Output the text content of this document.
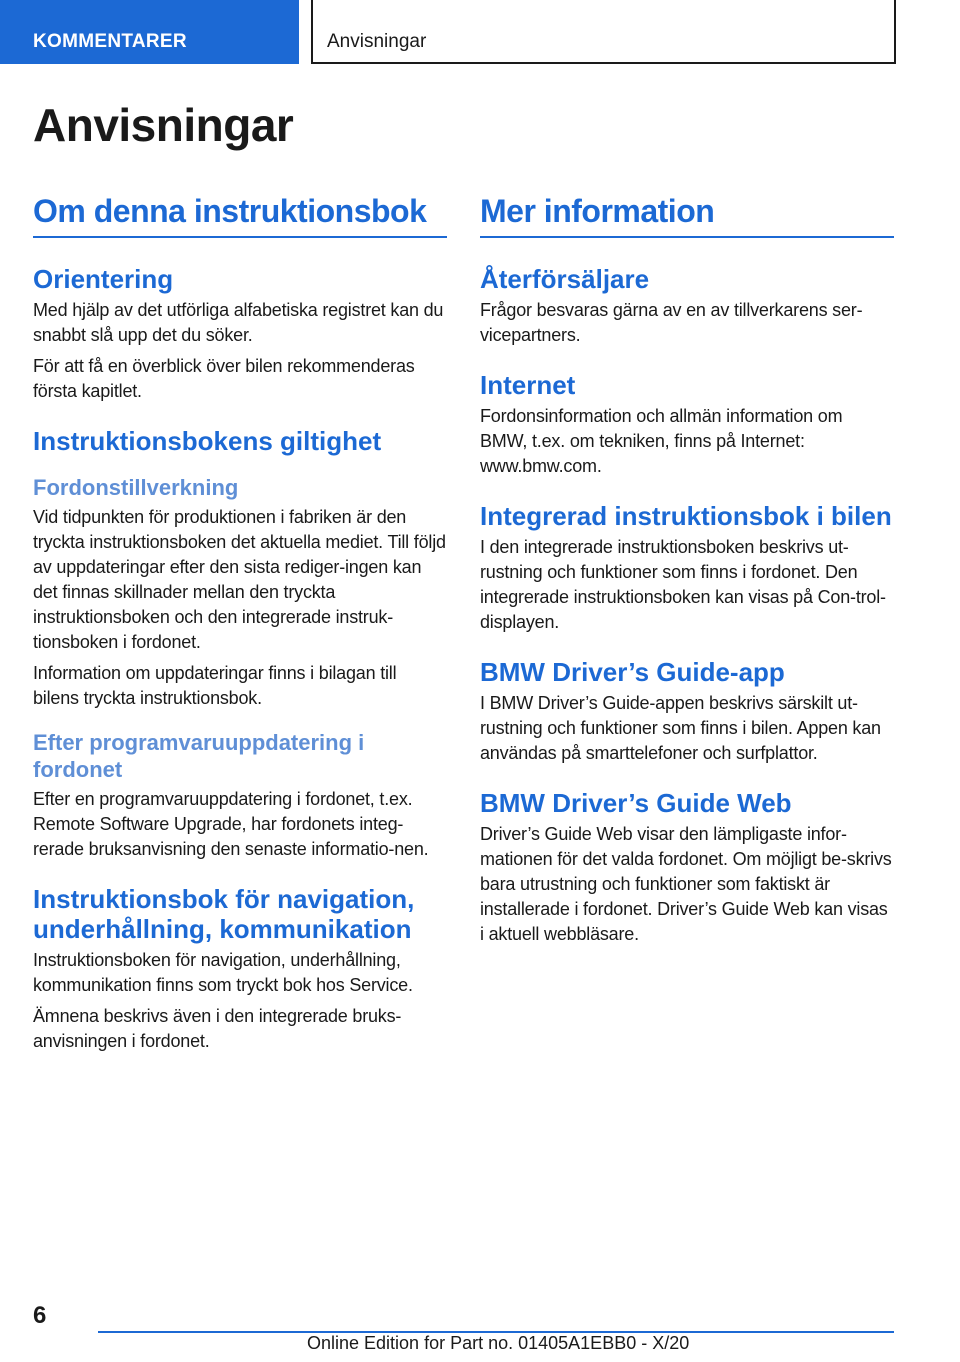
KOMMENTARER	Anvisningar
Anvisningar
Om denna instruktionsbok
Orientering

Med hjälp av det utförliga alfabetiska registret kan du snabbt slå upp det du söker.

För att få en överblick över bilen rekommenderas första kapitlet.

Instruktionsbokens giltighet
Fordonstillverkning

Vid tidpunkten för produktionen i fabriken är den tryckta instruktionsboken det aktuella mediet. Till följd av uppdateringar efter den sista rediger-ingen kan det finnas skillnader mellan den tryckta instruktionsboken och den integrerade instruk-tionsboken i fordonet.

Information om uppdateringar finns i bilagan till bilens tryckta instruktionsbok.

Efter programvaruuppdatering i fordonet

Efter en programvaruuppdatering i fordonet, t.ex. Remote Software Upgrade, har fordonets integ-rerade bruksanvisning den senaste informatio-nen.

Instruktionsbok för navigation, underhållning, kommunikation

Instruktionsboken för navigation, underhållning, kommunikation finns som tryckt bok hos Service.

Ämnena beskrivs även i den integrerade bruks-anvisningen i fordonet.

Mer information
Återförsäljare

Frågor besvaras gärna av en av tillverkarens ser-vicepartners.

Internet

Fordonsinformation och allmän information om BMW, t.ex. om tekniken, finns på Internet: www.bmw.com.

Integrerad instruktionsbok i bilen

I den integrerade instruktionsboken beskrivs ut-rustning och funktioner som finns i fordonet. Den integrerade instruktionsboken kan visas på Con-trol-displayen.

BMW Driver’s Guide-app

I BMW Driver’s Guide-appen beskrivs särskilt ut-rustning och funktioner som finns i bilen. Appen kan användas på smarttelefoner och surfplattor.

BMW Driver’s Guide Web

Driver’s Guide Web visar den lämpligaste infor-mationen för det valda fordonet. Om möjligt be-skrivs bara utrustning och funktioner som faktiskt är installerade i fordonet. Driver’s Guide Web kan visas i aktuell webbläsare.

6
Online Edition for Part no. 01405A1EBB0 - X/20
